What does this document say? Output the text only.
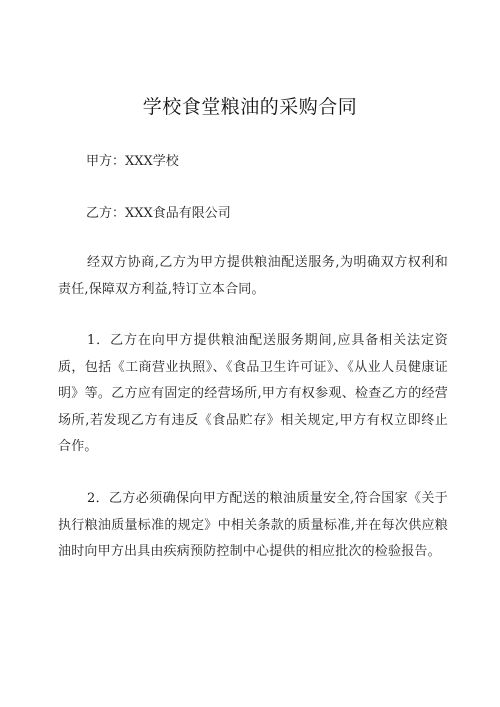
学校食堂粮油的采购合同
甲方：XXX学校
乙方：XXX食品有限公司
经双方协商,乙方为甲方提供粮油配送服务,为明确双方权利和责任,保障双方利益,特订立本合同。
1．乙方在向甲方提供粮油配送服务期间,应具备相关法定资质，包括《工商营业执照》、《食品卫生许可证》、《从业人员健康证明》等。乙方应有固定的经营场所,甲方有权参观、检查乙方的经营场所,若发现乙方有违反《食品贮存》相关规定,甲方有权立即终止合作。
2．乙方必须确保向甲方配送的粮油质量安全,符合国家《关于执行粮油质量标准的规定》中相关条款的质量标准,并在每次供应粮油时向甲方出具由疾病预防控制中心提供的相应批次的检验报告。
